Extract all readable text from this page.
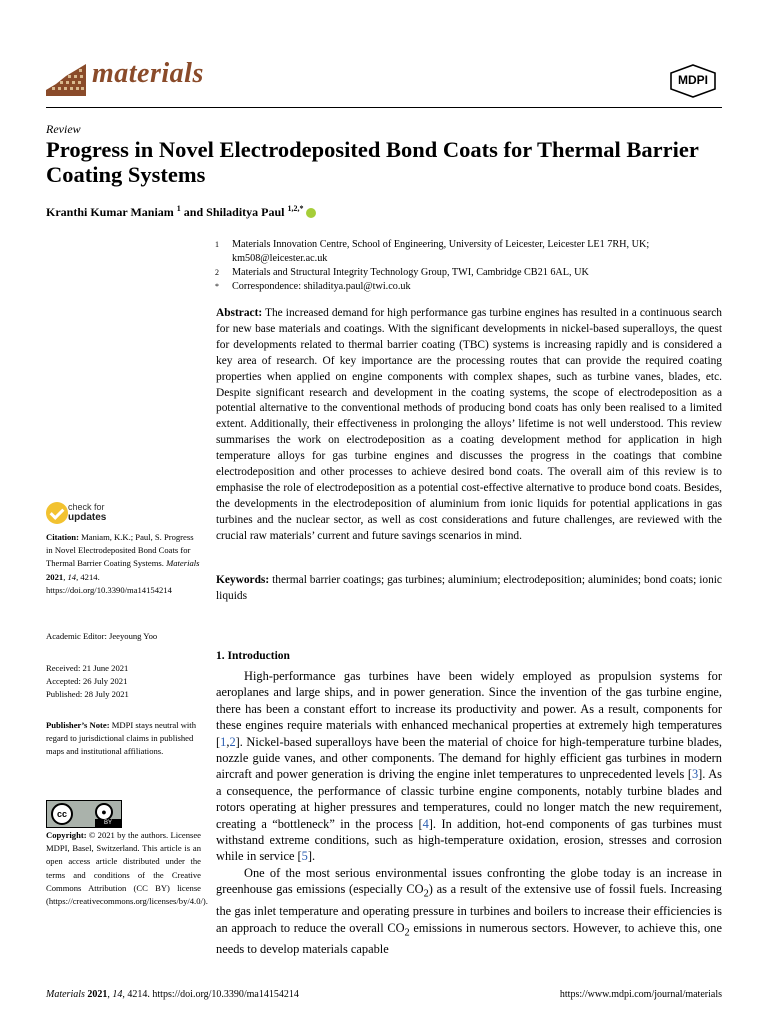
materials	MDPI
Review
Progress in Novel Electrodeposited Bond Coats for Thermal Barrier Coating Systems
Kranthi Kumar Maniam $^1$ and Shiladitya Paul $^{1,2,*}$
1	Materials Innovation Centre, School of Engineering, University of Leicester, Leicester LE1 7RH, UK; km508@leicester.ac.uk
2	Materials and Structural Integrity Technology Group, TWI, Cambridge CB21 6AL, UK
*	Correspondence: shiladitya.paul@twi.co.uk
Abstract: The increased demand for high performance gas turbine engines has resulted in a continuous search for new base materials and coatings. With the significant developments in nickel-based superalloys, the quest for developments related to thermal barrier coating (TBC) systems is increasing rapidly and is considered a key area of research. Of key importance are the processing routes that can provide the required coating properties when applied on engine components with complex shapes, such as turbine vanes, blades, etc. Despite significant research and development in the coating systems, the scope of electrodeposition as a potential alternative to the conventional methods of producing bond coats has only been realised to a limited extent. Additionally, their effectiveness in prolonging the alloys’ lifetime is not well understood. This review summarises the work on electrodeposition as a coating development method for application in high temperature alloys for gas turbine engines and discusses the progress in the coatings that combine electrodeposition and other processes to achieve desired bond coats. The overall aim of this review is to emphasise the role of electrodeposition as a potential cost-effective alternative to produce bond coats. Besides, the developments in the electrodeposition of aluminium from ionic liquids for potential applications in gas turbines and the nuclear sector, as well as cost considerations and future challenges, are reviewed with the crucial raw materials’ current and future savings scenarios in mind.
Keywords: thermal barrier coatings; gas turbines; aluminium; electrodeposition; aluminides; bond coats; ionic liquids
check for
updates
Citation: Maniam, K.K.; Paul, S. Progress in Novel Electrodeposited Bond Coats for Thermal Barrier Coating Systems. Materials 2021, 14, 4214. https://doi.org/10.3390/ma14154214
Academic Editor: Jeeyoung Yoo
Received: 21 June 2021
Accepted: 26 July 2021
Published: 28 July 2021
Publisher’s Note: MDPI stays neutral with regard to jurisdictional claims in published maps and institutional affiliations.
cc	●
BY
Copyright: © 2021 by the authors. Licensee MDPI, Basel, Switzerland. This article is an open access article distributed under the terms and conditions of the Creative Commons Attribution (CC BY) license (https://creativecommons.org/licenses/by/4.0/).
1. Introduction

High-performance gas turbines have been widely employed as propulsion systems for aeroplanes and large ships, and in power generation. Since the invention of the gas turbine engine, there has been a constant effort to increase its productivity and power. As a result, components for these engines require materials with enhanced mechanical properties at extremely high temperatures [1,2]. Nickel-based superalloys have been the material of choice for high-temperature turbine blades, nozzle guide vanes, and other components. The demand for highly efficient gas turbines in modern aircraft and power generation is driving the engine inlet temperatures to unprecedented levels [3]. As a consequence, the performance of classic turbine engine components, notably turbine blades and rotors operating at higher pressures and temperatures, could no longer match the new requirement, creating a “bottleneck” in the process [4]. In addition, hot-end components of gas turbines must withstand extreme conditions, such as high-temperature oxidation, erosion, stresses and corrosion while in service [5].

One of the most serious environmental issues confronting the globe today is an increase in greenhouse gas emissions (especially $CO_2$) as a result of the extensive use of fossil fuels. Increasing the gas inlet temperature and operating pressure in turbines and boilers to increase their efficiencies is an approach to reduce the overall $CO_2$ emissions in numerous sectors. However, to achieve this, one needs to develop materials capable

Materials 2021, 14, 4214. https://doi.org/10.3390/ma14154214	https://www.mdpi.com/journal/materials
